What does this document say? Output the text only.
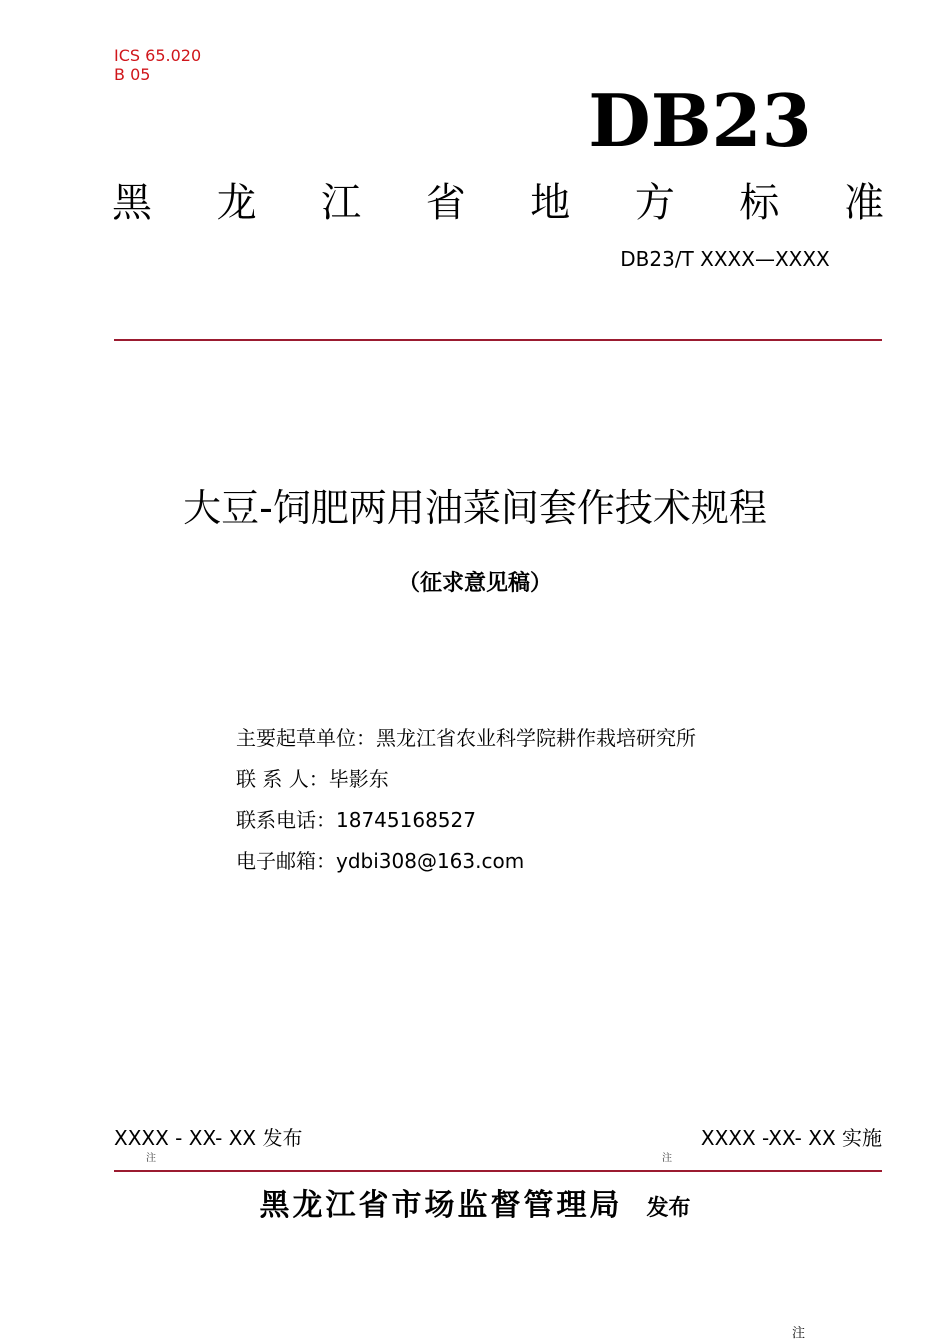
ICS 65.020
B 05
DB23
黑 龙 江 省 地 方 标 准
DB23/T XXXX—XXXX
大豆-饲肥两用油菜间套作技术规程
（征求意见稿）
主要起草单位：黑龙江省农业科学院耕作栽培研究所
联 系 人：毕影东
联系电话：18745168527
电子邮箱：ydbi308@163.com
XXXX - XX- XX 发布	XXXX -XX- XX 实施
注	注
黑龙江省市场监督管理局 发布
注
